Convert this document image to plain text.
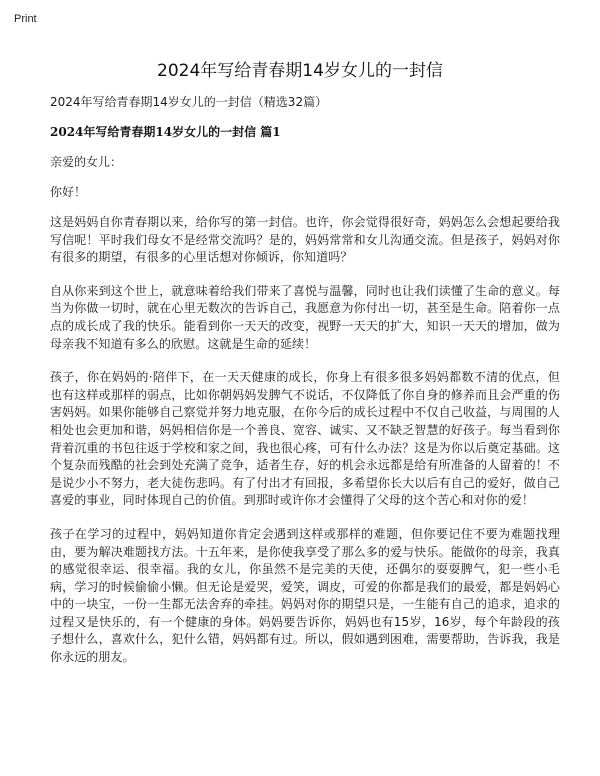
Print
2024年写给青春期14岁女儿的一封信

2024年写给青春期14岁女儿的一封信（精选32篇）

2024年写给青春期14岁女儿的一封信 篇1

亲爱的女儿：

你好！

这是妈妈自你青春期以来，给你写的第一封信。也许，你会觉得很好奇，妈妈怎么会想起要给我写信呢！平时我们母女不是经常交流吗？是的，妈妈常常和女儿沟通交流。但是孩子，妈妈对你有很多的期望，有很多的心里话想对你倾诉，你知道吗？

自从你来到这个世上，就意味着给我们带来了喜悦与温馨，同时也让我们读懂了生命的意义。每当为你做一切时，就在心里无数次的告诉自己，我愿意为你付出一切，甚至是生命。陪着你一点点的成长成了我的快乐。能看到你一天天的改变，视野一天天的扩大，知识一天天的增加，做为母亲我不知道有多么的欣慰。这就是生命的延续！

孩子，你在妈妈的·陪伴下，在一天天健康的成长，你身上有很多很多妈妈都数不清的优点，但也有这样或那样的弱点，比如你朝妈妈发脾气不说话，不仅降低了你自身的修养而且会严重的伤害妈妈。如果你能够自己察觉并努力地克服，在你今后的成长过程中不仅自己收益，与周围的人相处也会更加和谐，妈妈相信你是一个善良、宽容、诚实、又不缺乏智慧的好孩子。每当看到你背着沉重的书包往返于学校和家之间，我也很心疼，可有什么办法？这是为你以后奠定基础。这个复杂而残酷的社会到处充满了竞争，适者生存，好的机会永远都是给有所准备的人留着的！不是说少小不努力，老大徒伤悲吗。有了付出才有回报，多希望你长大以后有自己的爱好，做自己喜爱的事业，同时体现自己的价值。到那时或许你才会懂得了父母的这个苦心和对你的爱！

孩子在学习的过程中，妈妈知道你肯定会遇到这样或那样的难题，但你要记住不要为难题找理由，要为解决难题找方法。十五年来，是你使我享受了那么多的爱与快乐。能做你的母亲，我真的感觉很幸运、很幸福。我的女儿，你虽然不是完美的天使，还偶尔的耍耍脾气，犯一些小毛病，学习的时候偷偷小懒。但无论是爱哭，爱笑，调皮，可爱的你都是我们的最爱，都是妈妈心中的一块宝，一份一生都无法舍弃的牵挂。妈妈对你的期望只是，一生能有自己的追求，追求的过程又是快乐的，有一个健康的身体。妈妈要告诉你，妈妈也有15岁，16岁，每个年龄段的孩子想什么，喜欢什么，犯什么错，妈妈都有过。所以，假如遇到困难，需要帮助，告诉我，我是你永远的朋友。
